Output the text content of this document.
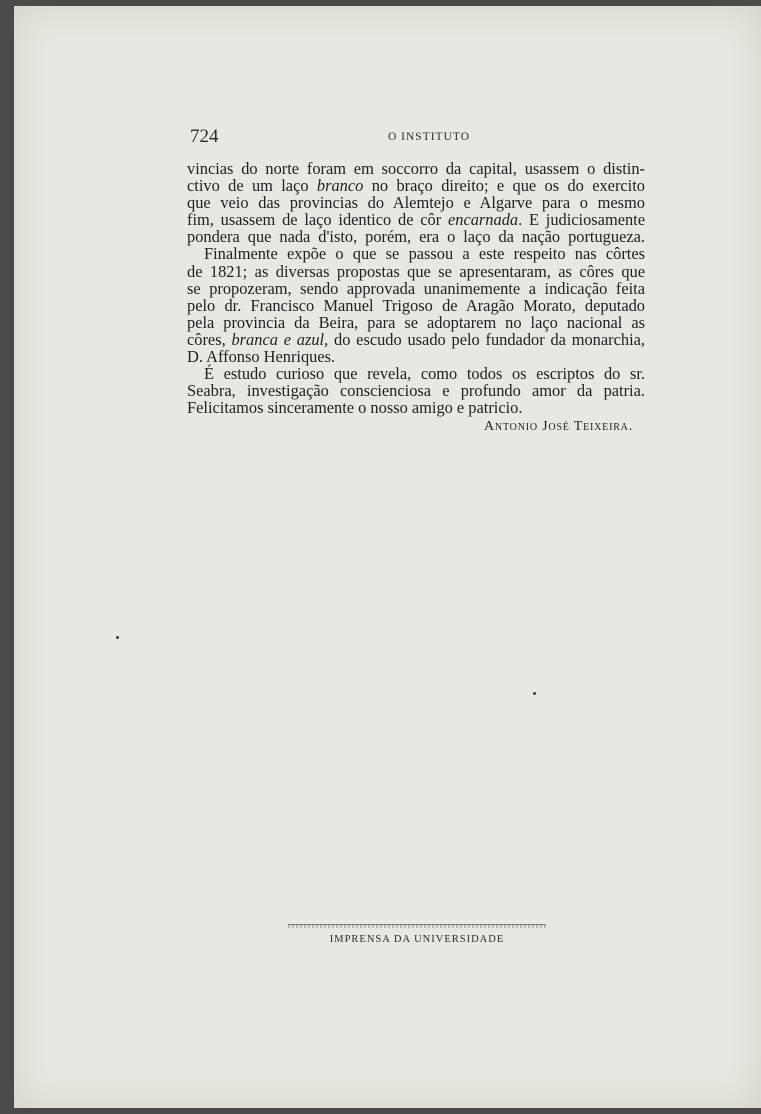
724	O INSTITUTO
vincias do norte foram em soccorro da capital, usassem o distin-
ctivo de um laço branco no braço direito; e que os do exercito
que veio das provincias do Alemtejo e Algarve para o mesmo
fim, usassem de laço identico de côr encarnada. E judiciosamente
pondera que nada d'isto, porém, era o laço da nação portugueza.
Finalmente expõe o que se passou a este respeito nas côrtes
de 1821; as diversas propostas que se apresentaram, as côres que
se propozeram, sendo approvada unanimemente a indicação feita
pelo dr. Francisco Manuel Trigoso de Aragão Morato, deputado
pela provincia da Beira, para se adoptarem no laço nacional as
côres, branca e azul, do escudo usado pelo fundador da monarchia,
D. Affonso Henriques.
É estudo curioso que revela, como todos os escriptos do sr.
Seabra, investigação conscienciosa e profundo amor da patria.
Felicitamos sinceramente o nosso amigo e patricio.
Antonio José Teixeira.
IMPRENSA DA UNIVERSIDADE
